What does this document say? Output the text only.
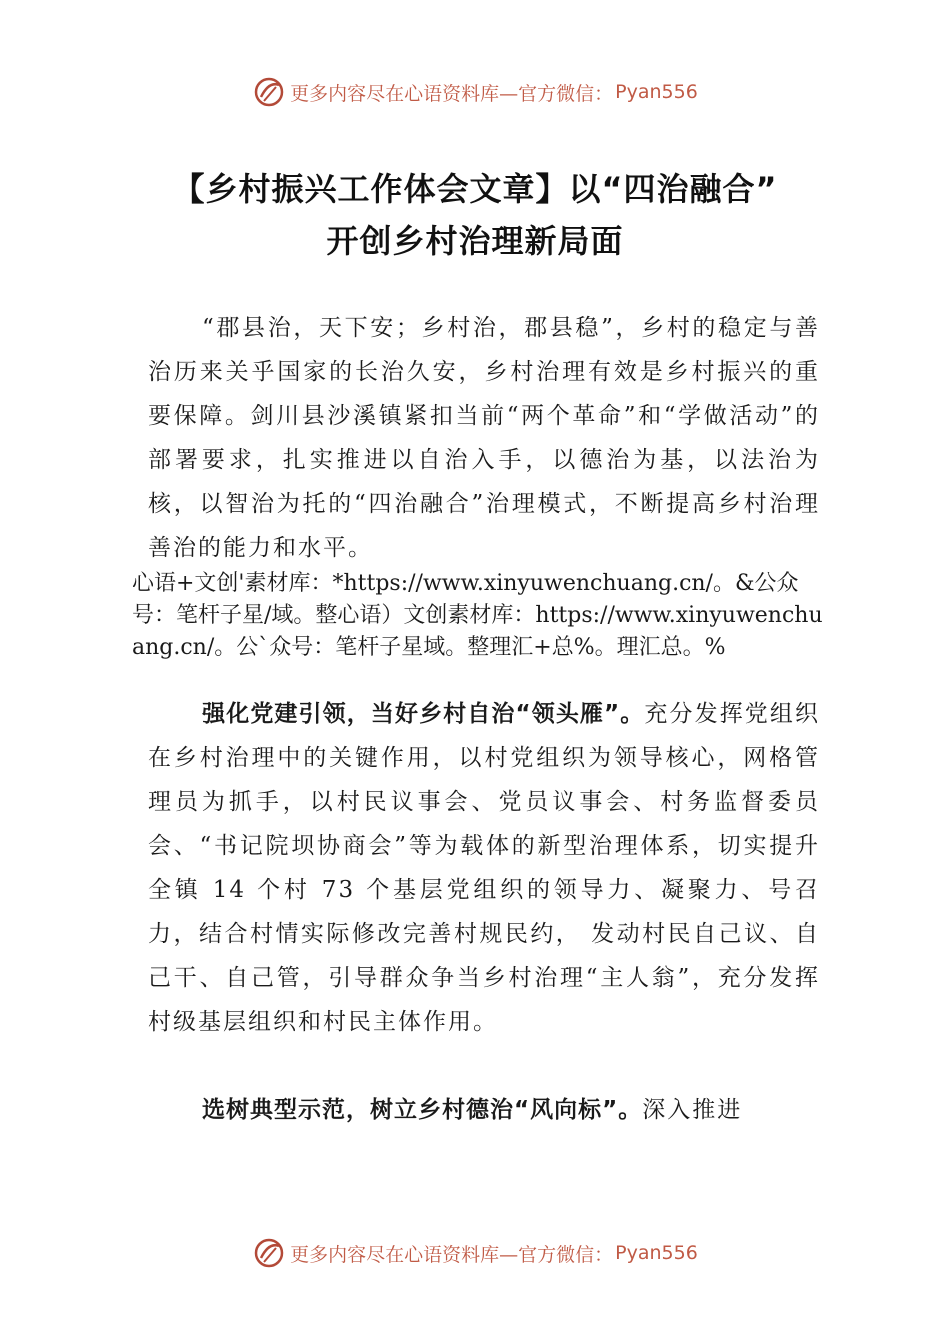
更多内容尽在心语资料库—官方微信： Pyan556
【乡村振兴工作体会文章】以“四治融合”
开创乡村治理新局面

“郡县治，天下安；乡村治，郡县稳”，乡村的稳定与善治历来关乎国家的长治久安，乡村治理有效是乡村振兴的重要保障。剑川县沙溪镇紧扣当前“两个革命”和“学做活动”的部署要求，扎实推进以自治入手，以德治为基，以法治为核，以智治为托的“四治融合”治理模式，不断提高乡村治理善治的能力和水平。

心语+文创'素材库：*https://www.xinyuwenchuang.cn/。&公众号：笔杆子星/域。整心语）文创素材库：https://www.xinyuwenchuang.cn/。公`众号：笔杆子星域。整理汇+总%。理汇总。%

强化党建引领，当好乡村自治“领头雁”。充分发挥党组织在乡村治理中的关键作用，以村党组织为领导核心，网格管理员为抓手，以村民议事会、党员议事会、村务监督委员会、“书记院坝协商会”等为载体的新型治理体系，切实提升全镇 14 个村 73 个基层党组织的领导力、凝聚力、号召力，结合村情实际修改完善村规民约， 发动村民自己议、自己干、自己管，引导群众争当乡村治理“主人翁”，充分发挥村级基层组织和村民主体作用。

选树典型示范，树立乡村德治“风向标”。深入推进

更多内容尽在心语资料库—官方微信： Pyan556
